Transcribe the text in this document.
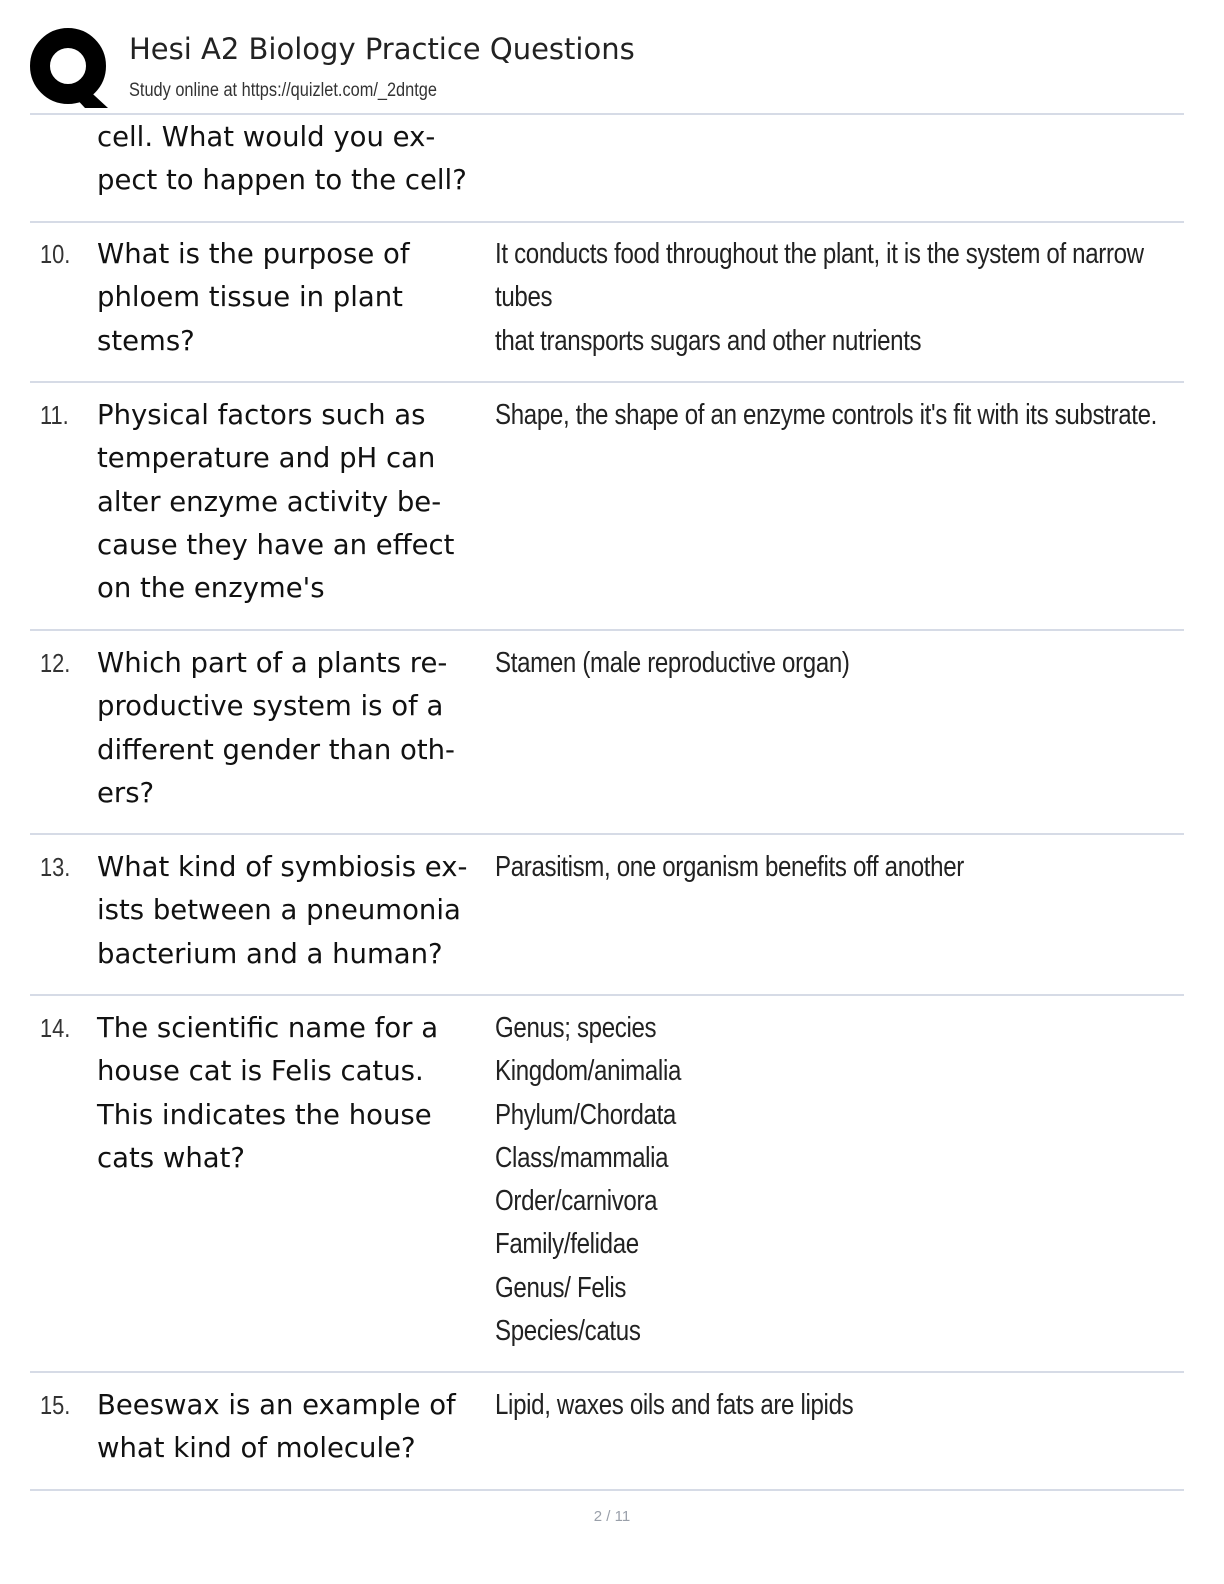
Hesi A2 Biology Practice Questions
Study online at https://quizlet.com/_2dntge
cell. What would you ex-
pect to happen to the cell?
10. What is the purpose of
phloem tissue in plant
stems?
It conducts food throughout the plant, it is the system of narrow tubes
that transports sugars and other nutrients
11. Physical factors such as
temperature and pH can
alter enzyme activity be-
cause they have an effect
on the enzyme's
Shape, the shape of an enzyme controls it's fit with its substrate.
12. Which part of a plants re-
productive system is of a
different gender than oth-
ers?
Stamen (male reproductive organ)
13. What kind of symbiosis ex-
ists between a pneumonia
bacterium and a human?
Parasitism, one organism benefits off another
14. The scientific name for a
house cat is Felis catus.
This indicates the house
cats what?
Genus; species
Kingdom/animalia
Phylum/Chordata
Class/mammalia
Order/carnivora
Family/felidae
Genus/ Felis
Species/catus
15. Beeswax is an example of
what kind of molecule?
Lipid, waxes oils and fats are lipids
2 / 11
